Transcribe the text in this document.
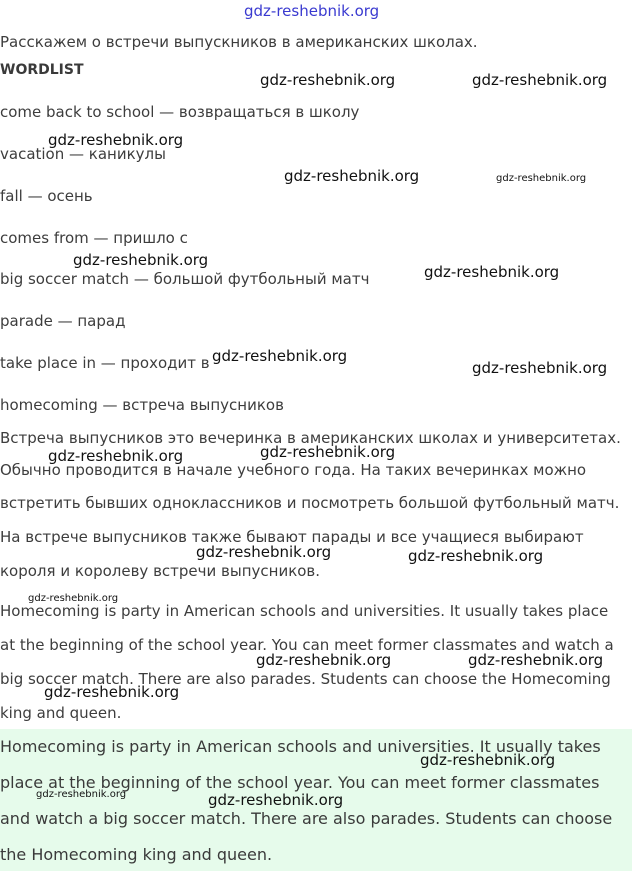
Расскажем о встречи выпускников в американских школах.
WORDLIST
come back to school — возвращаться в школу
vacation — каникулы
fall — осень
comes from — пришло с
big soccer match — большой футбольный матч
parade — парад
take place in — проходит в
homecoming — встреча выпусников
Встреча выпусников это вечеринка в американских школах и университетах.
Обычно проводится в начале учебного года. На таких вечеринках можно
встретить бывших одноклассников и посмотреть большой футбольный матч.
На встрече выпусников также бывают парады и все учащиеся выбирают
короля и королеву встречи выпусников.
Homecoming is party in American schools and universities. It usually takes place
at the beginning of the school year. You can meet former classmates and watch a
big soccer match. There are also parades. Students can choose the Homecoming
king and queen.
Homecoming is party in American schools and universities. It usually takes
place at the beginning of the school year. You can meet former classmates
and watch a big soccer match. There are also parades. Students can choose
the Homecoming king and queen.
gdz-reshebnik.org
gdz-reshebnik.org	gdz-reshebnik.org
gdz-reshebnik.org
gdz-reshebnik.org	gdz-reshebnik.org
gdz-reshebnik.org
gdz-reshebnik.org
gdz-reshebnik.org
gdz-reshebnik.org
gdz-reshebnik.org	gdz-reshebnik.org
gdz-reshebnik.org	gdz-reshebnik.org
gdz-reshebnik.org
gdz-reshebnik.org	gdz-reshebnik.org
gdz-reshebnik.org
gdz-reshebnik.org
gdz-reshebnik.org	gdz-reshebnik.org
